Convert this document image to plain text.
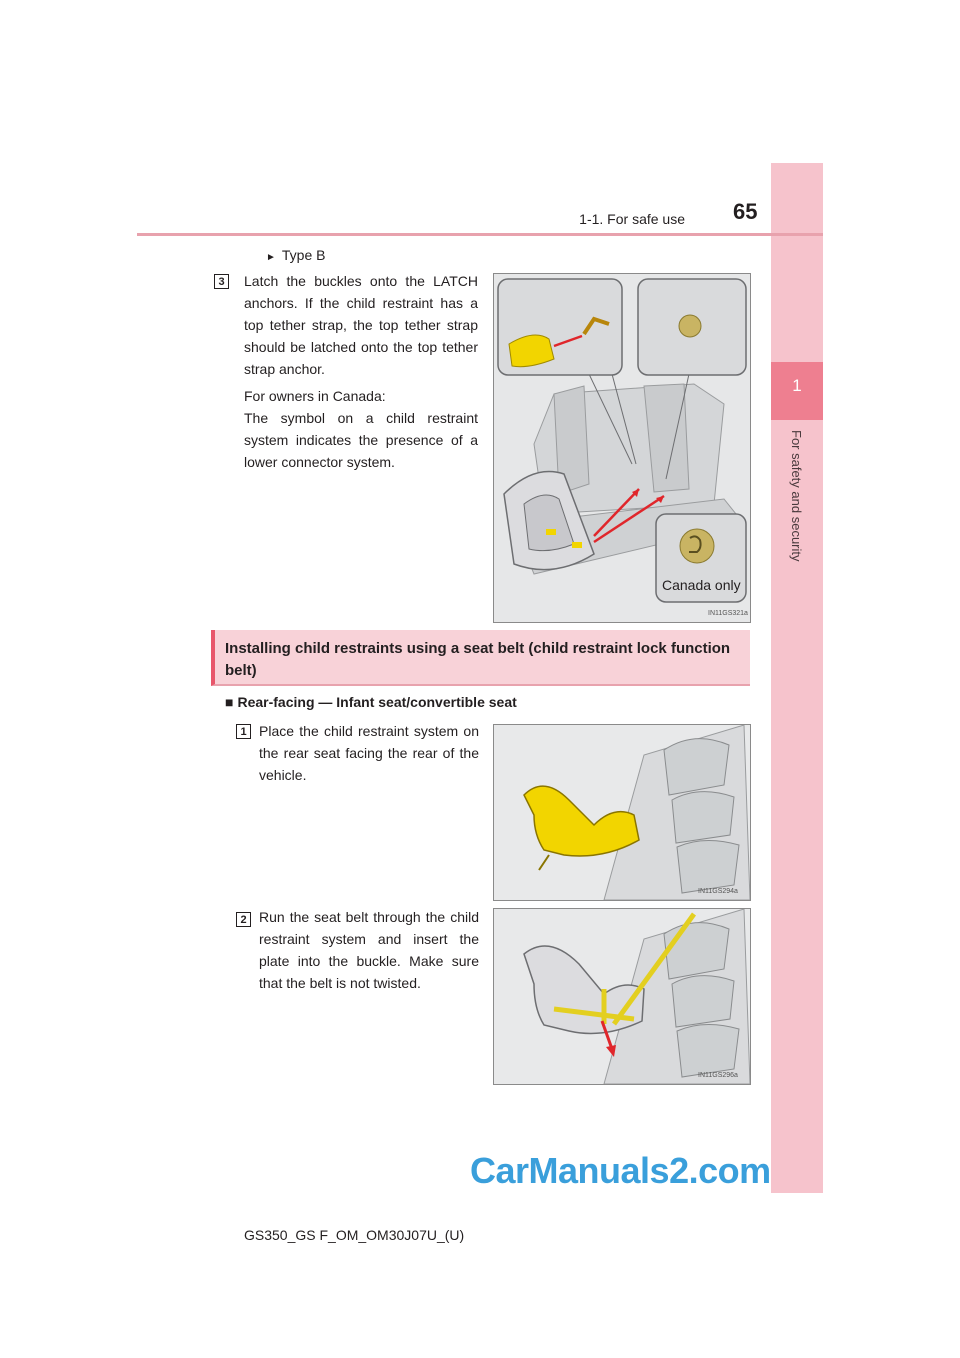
1
For safety and security
1-1. For safe use 65
► Type B
3	Latch the buckles onto the LATCH anchors. If the child restraint has a top tether strap, the top tether strap should be latched onto the top tether strap anchor.
For owners in Canada:
The symbol on a child restraint system indicates the presence of a lower connector system.
Canada only
IN11GS321a
Installing child restraints using a seat belt (child restraint lock function belt)
■ Rear-facing — Infant seat/convertible seat
1 Place the child restraint system on the rear seat facing the rear of the vehicle.
IN11GS294a
2 Run the seat belt through the child restraint system and insert the plate into the buckle. Make sure that the belt is not twisted.
IN11GS296a
CarManuals2.com
GS350_GS F_OM_OM30J07U_(U)
